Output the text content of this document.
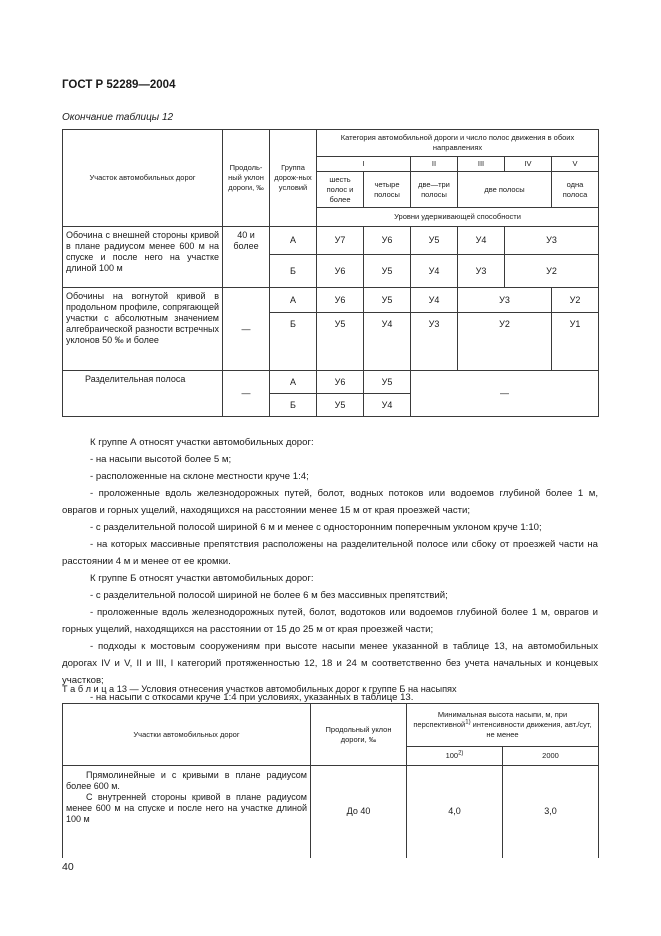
ГОСТ Р 52289—2004
Окончание таблицы 12
Участок автомобильных дорог	Продоль-ный уклон дороги, ‰	Группа дорож-ных условий	Категория автомобильной дороги и число полос движения в обоих направлениях					
			I		II	III	IV	V
			шесть полос и более	четыре полосы	две—три полосы	две полосы		одна полоса
			Уровни удерживающей способности					
Обочина с внешней стороны кривой в плане радиусом менее 600 м на спуске и после него на участке длиной 100 м	40 и более	А	У7	У6	У5	У4	У3	
		Б	У6	У5	У4	У3	У2	
Обочины на вогнутой кривой в продольном профиле, сопрягающей участки с абсолютным значением алгебраической разности встречных уклонов 50 ‰ и более	—	А	У6	У5	У4	У3		У2
		Б	У5	У4	У3	У2		У1
Разделительная полоса	—	А	У6	У5	—			
		Б	У5	У4				

К группе А относят участки автомобильных дорог:

- на насыпи высотой более 5 м;

- расположенные на склоне местности круче 1:4;

- проложенные вдоль железнодорожных путей, болот, водных потоков или водоемов глубиной более 1 м, оврагов и горных ущелий, находящихся на расстоянии менее 15 м от края проезжей части;

- с разделительной полосой шириной 6 м и менее с односторонним поперечным уклоном круче 1:10;

- на которых массивные препятствия расположены на разделительной полосе или сбоку от проезжей части на расстоянии 4 м и менее от ее кромки.

К группе Б относят участки автомобильных дорог:

- с разделительной полосой шириной не более 6 м без массивных препятствий;

- проложенные вдоль железнодорожных путей, болот, водотоков или водоемов глубиной более 1 м, оврагов и горных ущелий, находящихся на расстоянии от 15 до 25 м от края проезжей части;

- подходы к мостовым сооружениям при высоте насыпи менее указанной в таблице 13, на автомобильных дорогах IV и V, II и III, I категорий протяженностью 12, 18 и 24 м соответственно без учета начальных и концевых участков;

- на насыпи с откосами круче 1:4 при условиях, указанных в таблице 13.

Т а б л и ц а 13 — Условия отнесения участков автомобильных дорог к группе Б на насыпях
Участки автомобильных дорог	Продольный уклон дороги, ‰	Минимальная высота насыпи, м, при перспективной$^{1)}$ интенсивности движения, авт./сут, не менее	
		100$^{2)}$	2000

Прямолинейные и с кривыми в плане радиусом более 600 м.
С внутренней стороны кривой в плане радиусом менее 600 м на спуске и после него на участке длиной 100 м	До 40	4,0	3,0
40
